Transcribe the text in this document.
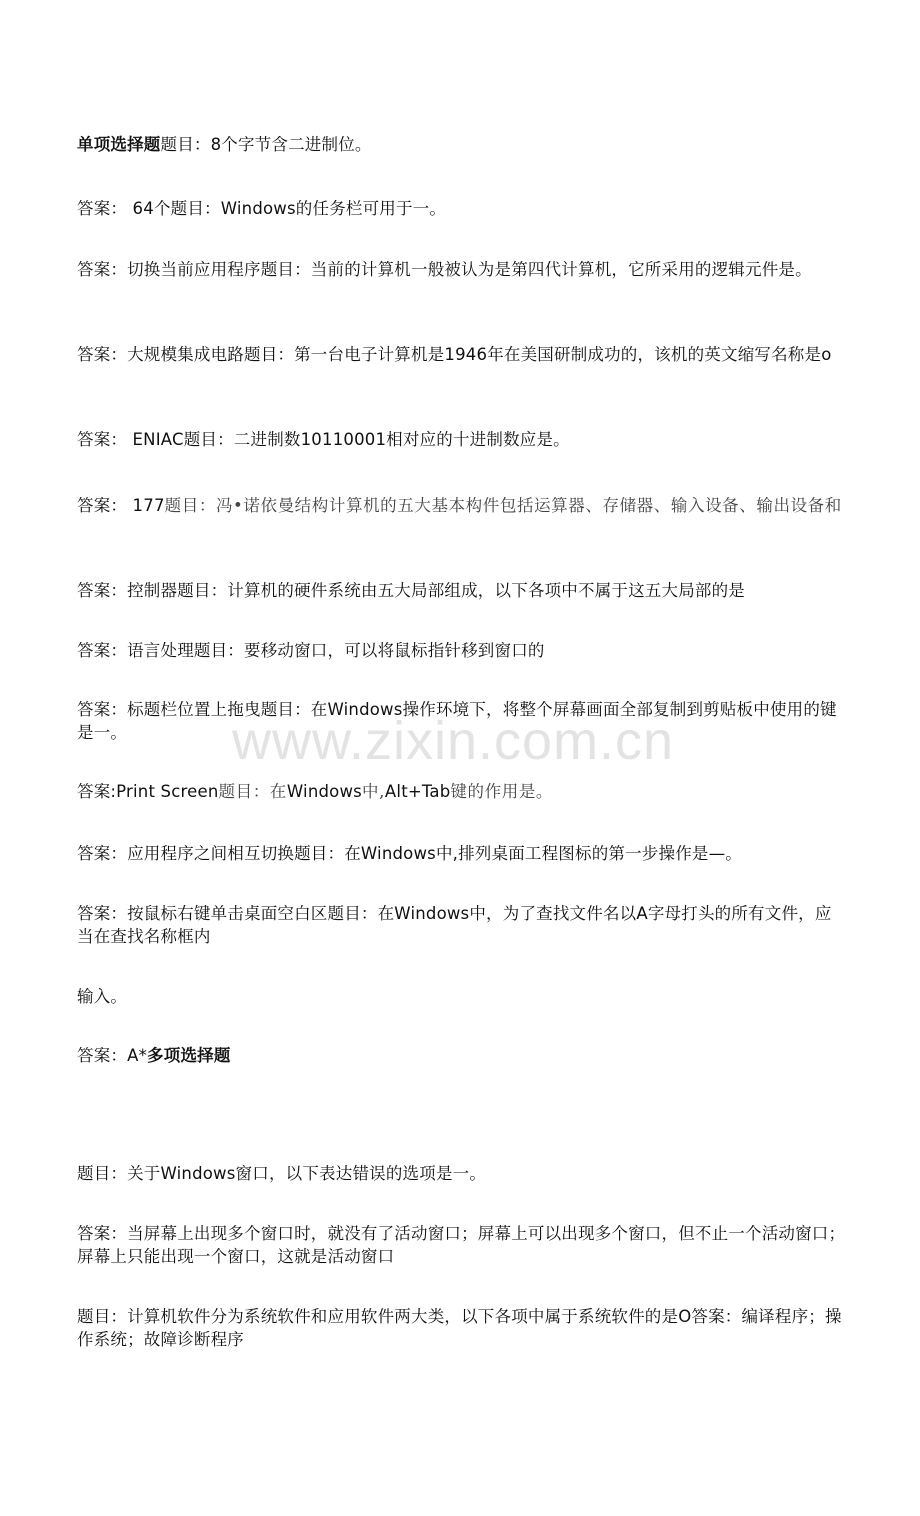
www.zixin.com.cn
单项选择题题目：8个字节含二进制位。
答案： 64个题目：Windows的任务栏可用于一。
答案：切换当前应用程序题目：当前的计算机一般被认为是第四代计算机，它所采用的逻辑元件是。
答案：大规模集成电路题目：第一台电子计算机是1946年在美国研制成功的，该机的英文缩写名称是o
答案： ENIAC题目：二进制数10110001相对应的十进制数应是。
答案： 177题目：冯•诺依曼结构计算机的五大基本构件包括运算器、存储器、输入设备、输出设备和
答案：控制器题目：计算机的硬件系统由五大局部组成，以下各项中不属于这五大局部的是
答案：语言处理题目：要移动窗口，可以将鼠标指针移到窗口的
答案：标题栏位置上拖曳题目：在Windows操作环境下，将整个屏幕画面全部复制到剪贴板中使用的键是一。
答案:Print Screen题目：在Windows中,Alt+Tab键的作用是。
答案：应用程序之间相互切换题目：在Windows中,排列桌面工程图标的第一步操作是—。
答案：按鼠标右键单击桌面空白区题目：在Windows中，为了查找文件名以A字母打头的所有文件，应当在查找名称框内
输入。
答案：A*多项选择题
题目：关于Windows窗口，以下表达错误的选项是一。
答案：当屏幕上出现多个窗口时，就没有了活动窗口；屏幕上可以出现多个窗口，但不止一个活动窗口；屏幕上只能出现一个窗口，这就是活动窗口
题目：计算机软件分为系统软件和应用软件两大类，以下各项中属于系统软件的是O答案：编译程序；操作系统；故障诊断程序
